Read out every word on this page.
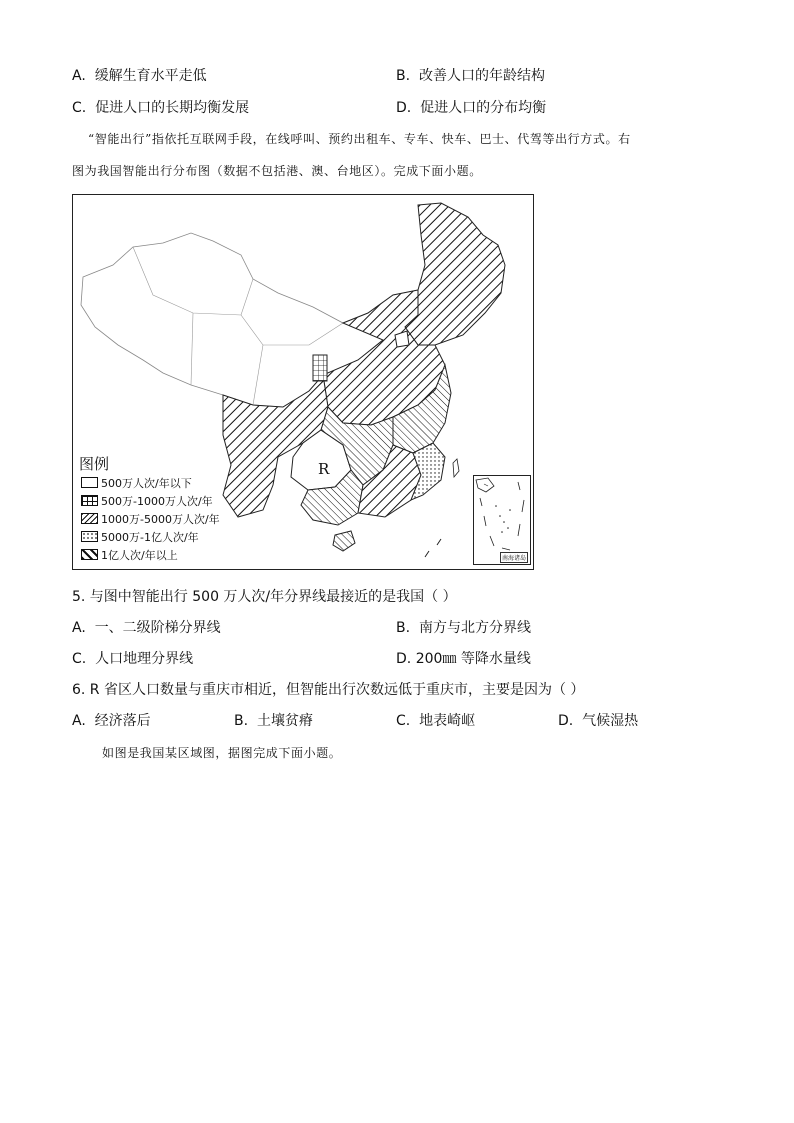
A. 缓解生育水平走低	B. 改善人口的年龄结构
C. 促进人口的长期均衡发展	D. 促进人口的分布均衡
“智能出行”指依托互联网手段，在线呼叫、预约出租车、专车、快车、巴士、代驾等出行方式。右
图为我国智能出行分布图（数据不包括港、澳、台地区）。完成下面小题。
图例
500万人次/年以下
500万-1000万人次/年
1000万-5000万人次/年
5000万-1亿人次/年
1亿人次/年以上
R
南海诸岛
5. 与图中智能出行 500 万人次/年分界线最接近的是我国（ ）
A. 一、二级阶梯分界线	B. 南方与北方分界线
C. 人口地理分界线	D. 200㎜ 等降水量线
6. R 省区人口数量与重庆市相近，但智能出行次数远低于重庆市，主要是因为（ ）
A. 经济落后	B. 土壤贫瘠	C. 地表崎岖	D. 气候湿热
如图是我国某区域图，据图完成下面小题。
